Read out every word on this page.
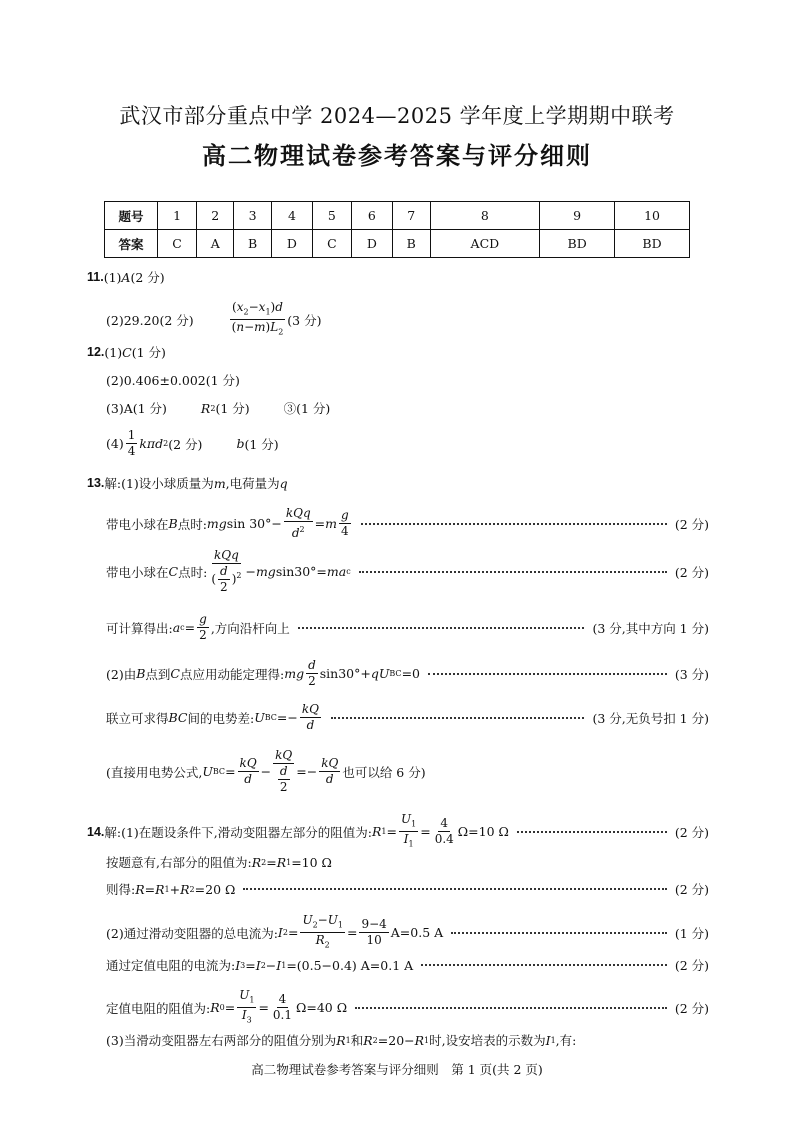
武汉市部分重点中学 2024—2025 学年度上学期期中联考
高二物理试卷参考答案与评分细则
题号	1	2	3	4	5	6	7	8	9	10
答案	C	A	B	D	C	D	B	ACD	BD	BD
11. (1) A (2 分)
(2)29.20(2 分)	$\frac{(x_2-x_1)d}{(n-m)L_2} (3$ 分)
12. (1) C (1 分)
(2)0.406±0.002(1 分)
(3)A(1 分)	R 2 (1 分)	③(1 分)
$(4) \frac{1}{4}$ kπd 2 (2 分)	b (1 分)
13. 解:(1)设小球质量为 m ,电荷量为 q
带电小球在 B 点时: mg $\sin 30^\circ- \frac{\text{kQq}}{d^2} = m \frac{g}{4}$	(2 分)
带电小球在 C 点时: $\frac{\text{kQq}}{( \frac{d}{2} )^2}$ − mg sin30°= ma c	(2 分)
可计算得出: a $c = \frac{g}{2}$ ,方向沿杆向上	(3 分,其中方向 1 分)
(2)由 B 点到 C 点应用动能定理得: mg $\frac{d}{2} \sin 30^\circ+$ qU BC =0	(3 分)
联立可求得 BC 间的电势差: U BC =− $\frac{kQ}{d}$	(3 分,无负号扣 1 分)
(直接用电势公式, U BC = $\frac{kQ}{d} - \frac{kQ}{\frac{d}{2}} =- \frac{kQ}{d}$ 也可以给 6 分)
14. 解:(1)在题设条件下,滑动变阻器左部分的阻值为: R $1 = \frac{U_1}{I_1} = \frac{4}{0.4} \Omega=10$ Ω	(2 分)
按题意有,右部分的阻值为: R 2 = R 1 =10 Ω
则得: R = R 1 + R 2 =20 Ω	(2 分)
(2)通过滑动变阻器的总电流为: I $2 = \frac{U_2-U_1}{R_2} = \frac{9-4}{10} A=0.5$ A	(1 分)
通过定值电阻的电流为: I 3 = I 2 − I 1 =(0.5−0.4) A=0.1 A	(2 分)
定值电阻的阻值为: R $0 = \frac{U_1}{I_3} = \frac{4}{0.1} \Omega=40$ Ω	(2 分)
(3)当滑动变阻器左右两部分的阻值分别为 R 1 和 R 2 =20− R 1 时,设安培表的示数为 I 1 ,有:
高二物理试卷参考答案与评分细则　第 1 页(共 2 页)
